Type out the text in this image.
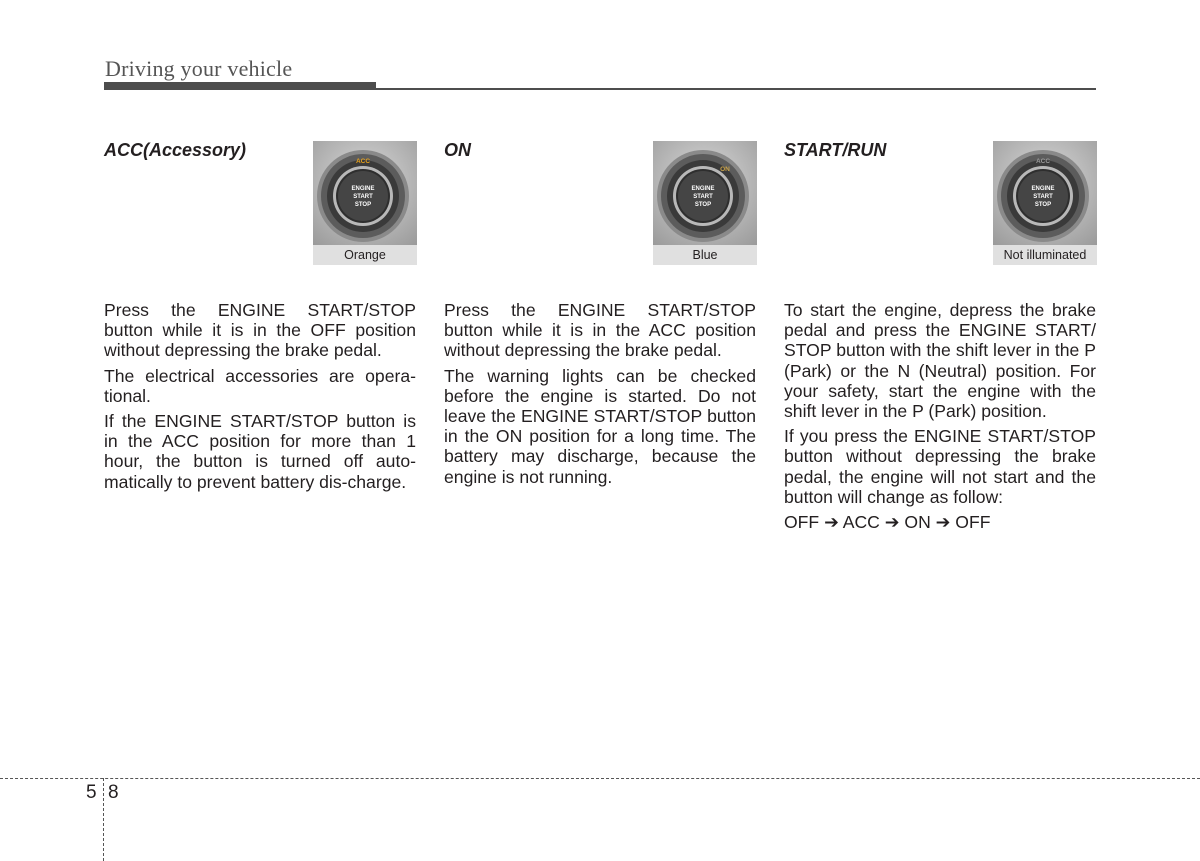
Driving your vehicle
ACC(Accessory)
ACC
ENGINE
START
STOP
Orange

Press the ENGINE START/STOP button while it is in the OFF position without depressing the brake pedal.

The electrical accessories are opera-tional.

If the ENGINE START/STOP button is in the ACC position for more than 1 hour, the button is turned off auto-matically to prevent battery dis-charge.

ON
ON
ENGINE
START
STOP
Blue

Press the ENGINE START/STOP button while it is in the ACC position without depressing the brake pedal.

The warning lights can be checked before the engine is started. Do not leave the ENGINE START/STOP button in the ON position for a long time. The battery may discharge, because the engine is not running.

START/RUN
ACC
ENGINE
START
STOP
Not illuminated

To start the engine, depress the brake pedal and press the ENGINE START/ STOP button with the shift lever in the P (Park) or the N (Neutral) position. For your safety, start the engine with the shift lever in the P (Park) position.

If you press the ENGINE START/STOP button without depressing the brake pedal, the engine will not start and the button will change as follow:

OFF ➔ ACC ➔ ON ➔ OFF

5 8
